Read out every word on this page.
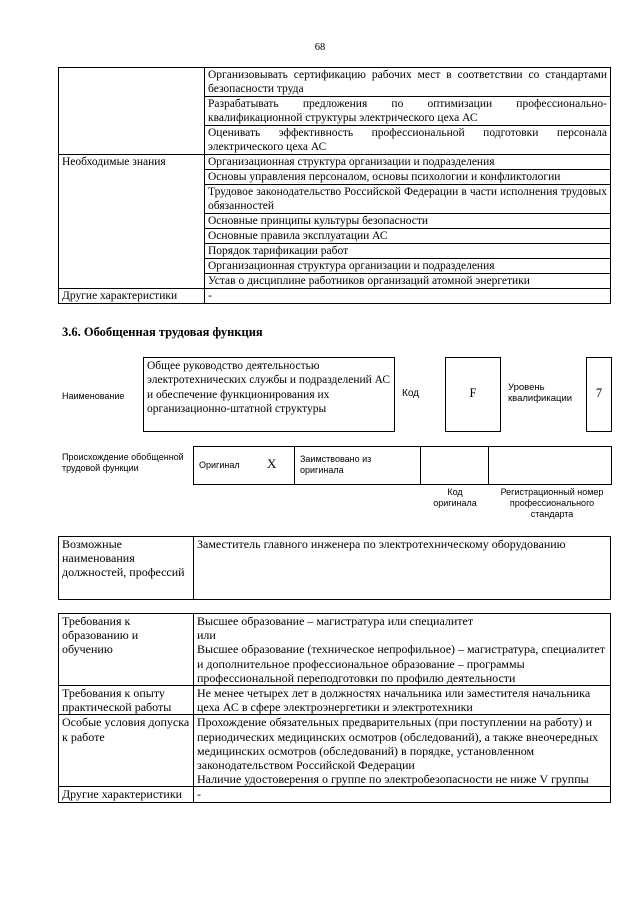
68
	Организовывать сертификацию рабочих мест в соответствии со стандартами безопасности труда
	Разрабатывать предложения по оптимизации профессионально-квалификационной структуры электрического цеха АС
	Оценивать эффективность профессиональной подготовки персонала электрического цеха АС
Необходимые знания	Организационная структура организации и подразделения
	Основы управления персоналом, основы психологии и конфликтологии
	Трудовое законодательство Российской Федерации в части исполнения трудовых обязанностей
	Основные принципы культуры безопасности
	Основные правила эксплуатации АС
	Порядок тарификации работ
	Организационная структура организации и подразделения
	Устав о дисциплине работников организаций атомной энергетики
Другие характеристики	-
3.6. Обобщенная трудовая функция
Наименование
Общее руководство деятельностью электротехнических службы и подразделений АС и обеспечение функционирования их организационно-штатной структуры
Код	F	Уровень квалификации	7
Происхождение обобщенной трудовой функции	Оригинал X	Заимствовано из оригинала
Код оригинала
Регистрационный номер профессионального стандарта
Возможные наименования должностей, профессий	Заместитель главного инженера по электротехническому оборудованию
Требования к образованию и обучению	Высшее образование – магистратура или специалитет
или
Высшее образование (техническое непрофильное) – магистратура, специалитет и дополнительное профессиональное образование – программы профессиональной переподготовки по профилю деятельности

Требования к опыту практической работы	Не менее четырех лет в должностях начальника или заместителя начальника цеха АС в сфере электроэнергетики и электротехники

Особые условия допуска к работе	Прохождение обязательных предварительных (при поступлении на работу) и периодических медицинских осмотров (обследований), а также внеочередных медицинских осмотров (обследований) в порядке, установленном законодательством Российской Федерации
Наличие удостоверения о группе по электробезопасности не ниже V группы

Другие характеристики	-
